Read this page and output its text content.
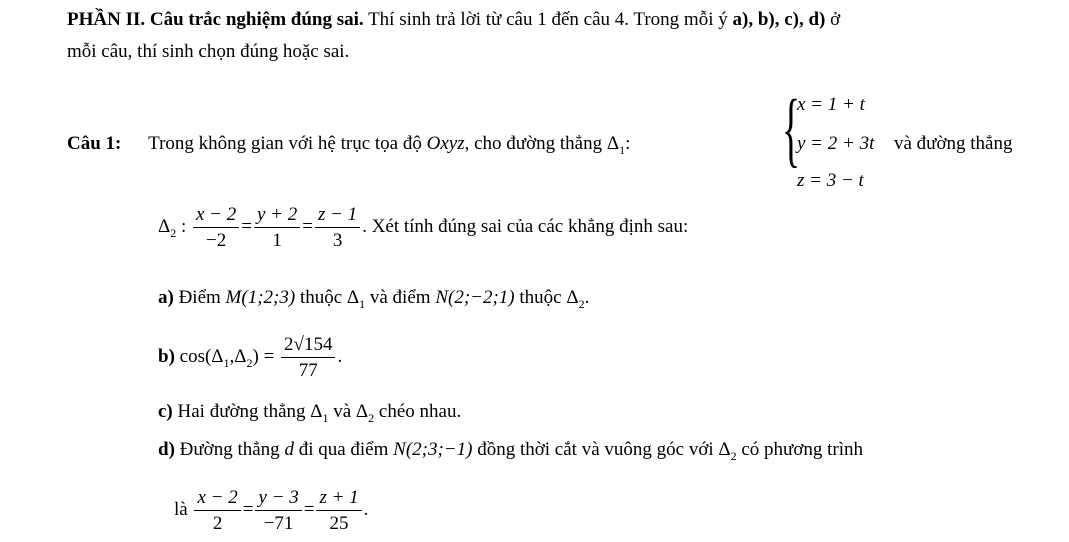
PHẦN II. Câu trắc nghiệm đúng sai. Thí sinh trả lời từ câu 1 đến câu 4. Trong mỗi ý a), b), c), d) ở
mỗi câu, thí sinh chọn đúng hoặc sai.
Câu 1: Trong không gian với hệ trục tọa độ Oxyz, cho đường thẳng $\Delta_1$: {
x = 1 + t
y = 2 + 3t
z = 3 − t
và đường thẳng
$\Delta_2$ : $\frac{x - 2}{-2} = \frac{y + 2}{1} = \frac{z - 1}{3}$ . Xét tính đúng sai của các khẳng định sau:
a) Điểm M(1;2;3) thuộc $\Delta_1$ và điểm N(2;−2;1) thuộc $\Delta_2$.
b) $\cos(\Delta_1,\Delta_2) = \frac{2√154}{77}$ .
c) Hai đường thẳng $\Delta_1$ và $\Delta_2$ chéo nhau.
d) Đường thẳng d đi qua điểm N(2;3;−1) đồng thời cắt và vuông góc với $\Delta_2$ có phương trình
là $\frac{x - 2}{2} = \frac{y - 3}{-71} = \frac{z + 1}{25}$ .
